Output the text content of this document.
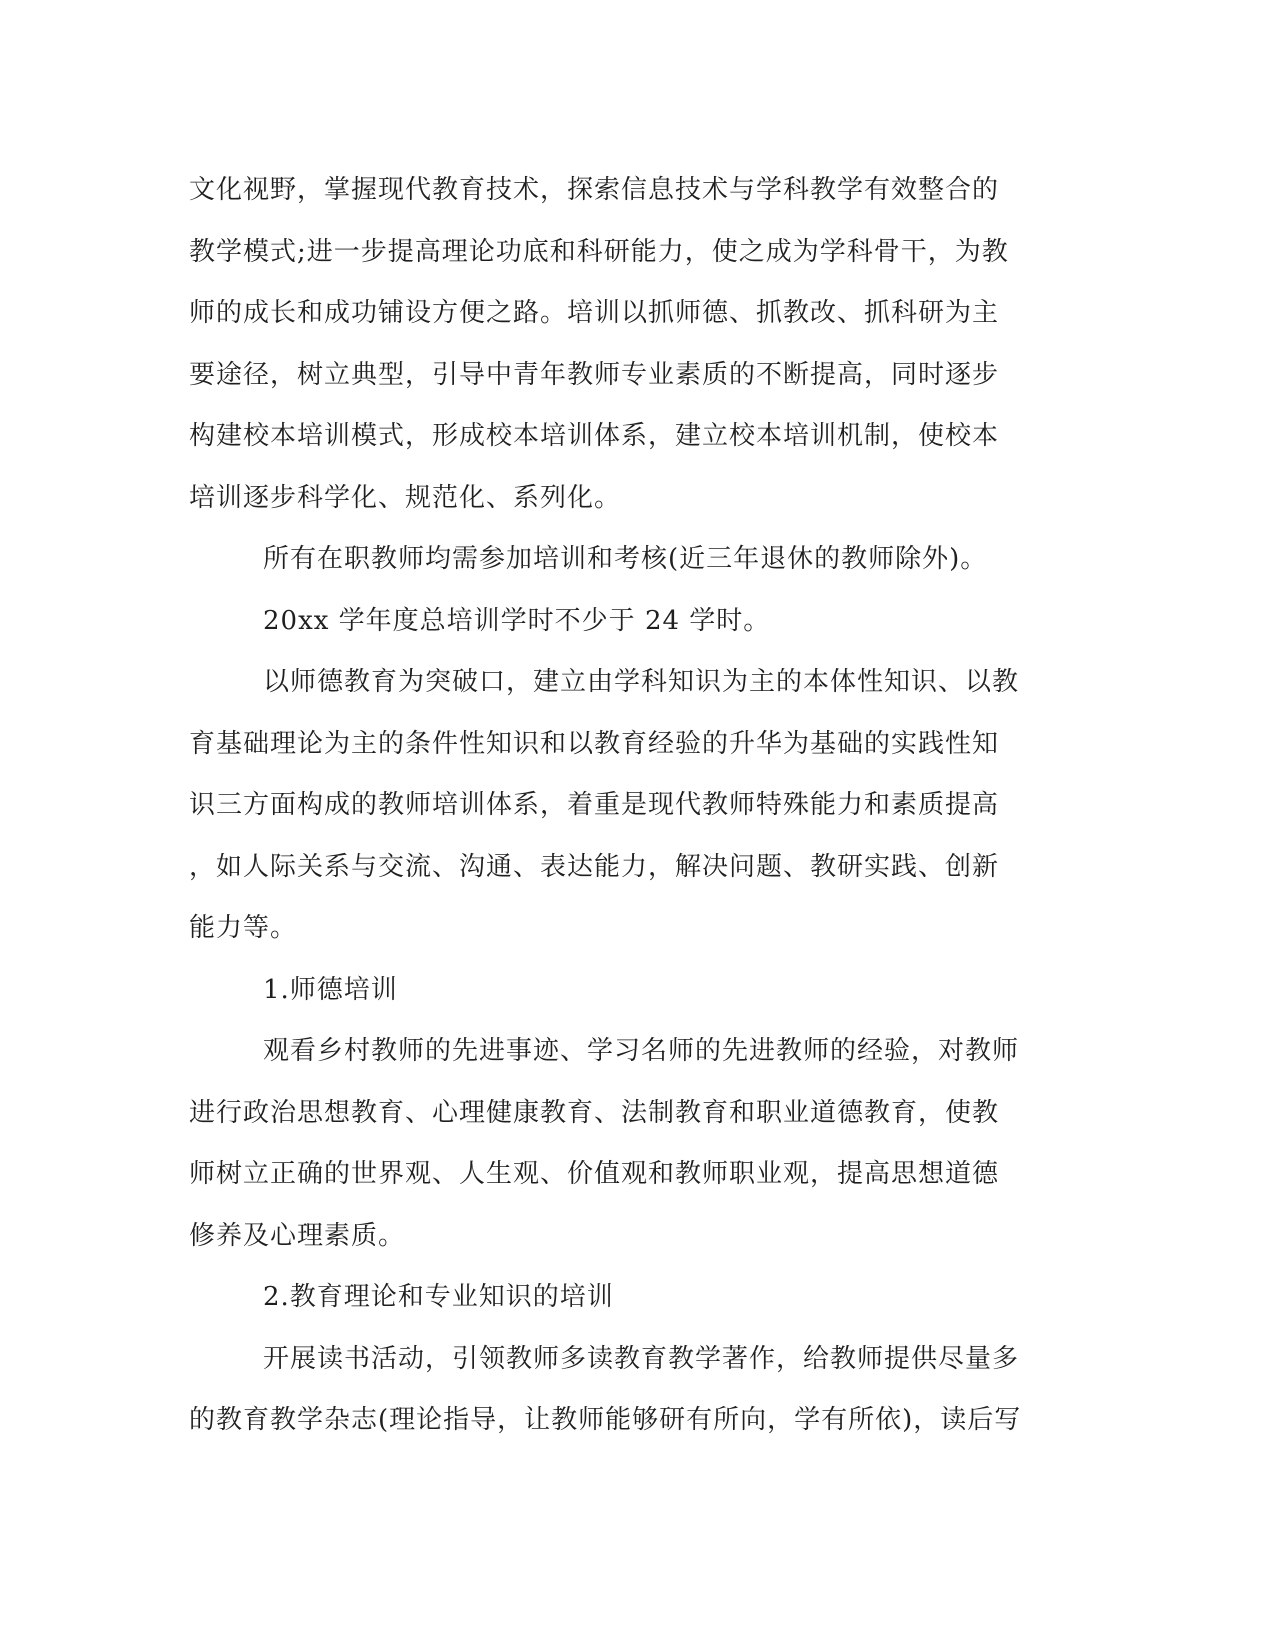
文化视野，掌握现代教育技术，探索信息技术与学科教学有效整合的
教学模式;进一步提高理论功底和科研能力，使之成为学科骨干，为教
师的成长和成功铺设方便之路。培训以抓师德、抓教改、抓科研为主
要途径，树立典型，引导中青年教师专业素质的不断提高，同时逐步
构建校本培训模式，形成校本培训体系，建立校本培训机制，使校本
培训逐步科学化、规范化、系列化。
所有在职教师均需参加培训和考核(近三年退休的教师除外)。
20xx 学年度总培训学时不少于 24 学时。
以师德教育为突破口，建立由学科知识为主的本体性知识、以教
育基础理论为主的条件性知识和以教育经验的升华为基础的实践性知
识三方面构成的教师培训体系，着重是现代教师特殊能力和素质提高
，如人际关系与交流、沟通、表达能力，解决问题、教研实践、创新
能力等。
1.师德培训
观看乡村教师的先进事迹、学习名师的先进教师的经验，对教师
进行政治思想教育、心理健康教育、法制教育和职业道德教育，使教
师树立正确的世界观、人生观、价值观和教师职业观，提高思想道德
修养及心理素质。
2.教育理论和专业知识的培训
开展读书活动，引领教师多读教育教学著作，给教师提供尽量多
的教育教学杂志(理论指导，让教师能够研有所向，学有所依)，读后写
